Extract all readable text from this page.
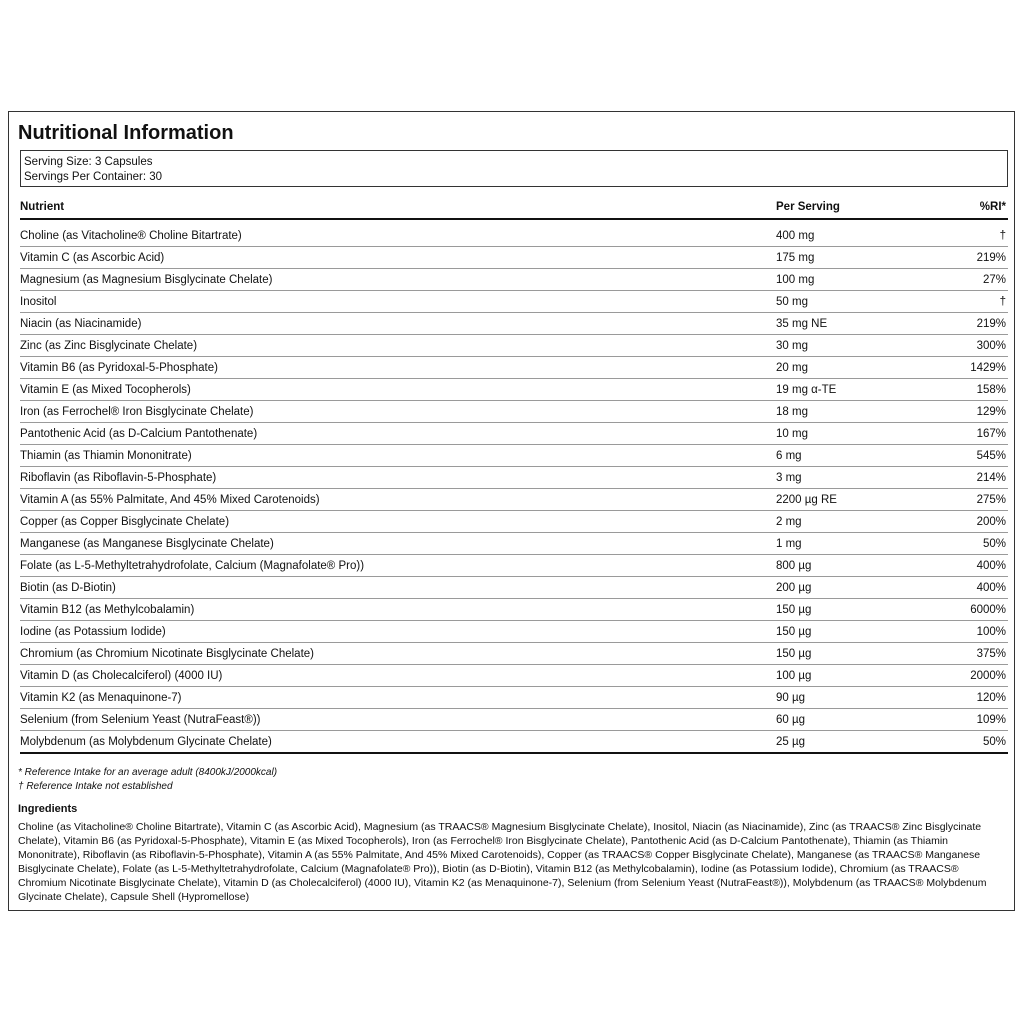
Nutritional Information
Serving Size: 3 Capsules
Servings Per Container: 30
Nutrient	Per Serving	%RI*
Choline (as Vitacholine® Choline Bitartrate)	400 mg	†
Vitamin C (as Ascorbic Acid)	175 mg	219%
Magnesium (as Magnesium Bisglycinate Chelate)	100 mg	27%
Inositol	50 mg	†
Niacin (as Niacinamide)	35 mg NE	219%
Zinc (as Zinc Bisglycinate Chelate)	30 mg	300%
Vitamin B6 (as Pyridoxal-5-Phosphate)	20 mg	1429%
Vitamin E (as Mixed Tocopherols)	19 mg α-TE	158%
Iron (as Ferrochel® Iron Bisglycinate Chelate)	18 mg	129%
Pantothenic Acid (as D-Calcium Pantothenate)	10 mg	167%
Thiamin (as Thiamin Mononitrate)	6 mg	545%
Riboflavin (as Riboflavin-5-Phosphate)	3 mg	214%
Vitamin A (as 55% Palmitate, And 45% Mixed Carotenoids)	2200 µg RE	275%
Copper (as Copper Bisglycinate Chelate)	2 mg	200%
Manganese (as Manganese Bisglycinate Chelate)	1 mg	50%
Folate (as L-5-Methyltetrahydrofolate, Calcium (Magnafolate® Pro))	800 µg	400%
Biotin (as D-Biotin)	200 µg	400%
Vitamin B12 (as Methylcobalamin)	150 µg	6000%
Iodine (as Potassium Iodide)	150 µg	100%
Chromium (as Chromium Nicotinate Bisglycinate Chelate)	150 µg	375%
Vitamin D (as Cholecalciferol) (4000 IU)	100 µg	2000%
Vitamin K2 (as Menaquinone-7)	90 µg	120%
Selenium (from Selenium Yeast (NutraFeast®))	60 µg	109%
Molybdenum (as Molybdenum Glycinate Chelate)	25 µg	50%
* Reference Intake for an average adult (8400kJ/2000kcal)
† Reference Intake not established
Ingredients

Choline (as Vitacholine® Choline Bitartrate), Vitamin C (as Ascorbic Acid), Magnesium (as TRAACS® Magnesium Bisglycinate Chelate), Inositol, Niacin (as Niacinamide), Zinc (as TRAACS® Zinc Bisglycinate Chelate), Vitamin B6 (as Pyridoxal-5-Phosphate), Vitamin E (as Mixed Tocopherols), Iron (as Ferrochel® Iron Bisglycinate Chelate), Pantothenic Acid (as D-Calcium Pantothenate), Thiamin (as Thiamin Mononitrate), Riboflavin (as Riboflavin-5-Phosphate), Vitamin A (as 55% Palmitate, And 45% Mixed Carotenoids), Copper (as TRAACS® Copper Bisglycinate Chelate), Manganese (as TRAACS® Manganese Bisglycinate Chelate), Folate (as L-5-Methyltetrahydrofolate, Calcium (Magnafolate® Pro)), Biotin (as D-Biotin), Vitamin B12 (as Methylcobalamin), Iodine (as Potassium Iodide), Chromium (as TRAACS® Chromium Nicotinate Bisglycinate Chelate), Vitamin D (as Cholecalciferol) (4000 IU), Vitamin K2 (as Menaquinone-7), Selenium (from Selenium Yeast (NutraFeast®)), Molybdenum (as TRAACS® Molybdenum Glycinate Chelate), Capsule Shell (Hypromellose)
